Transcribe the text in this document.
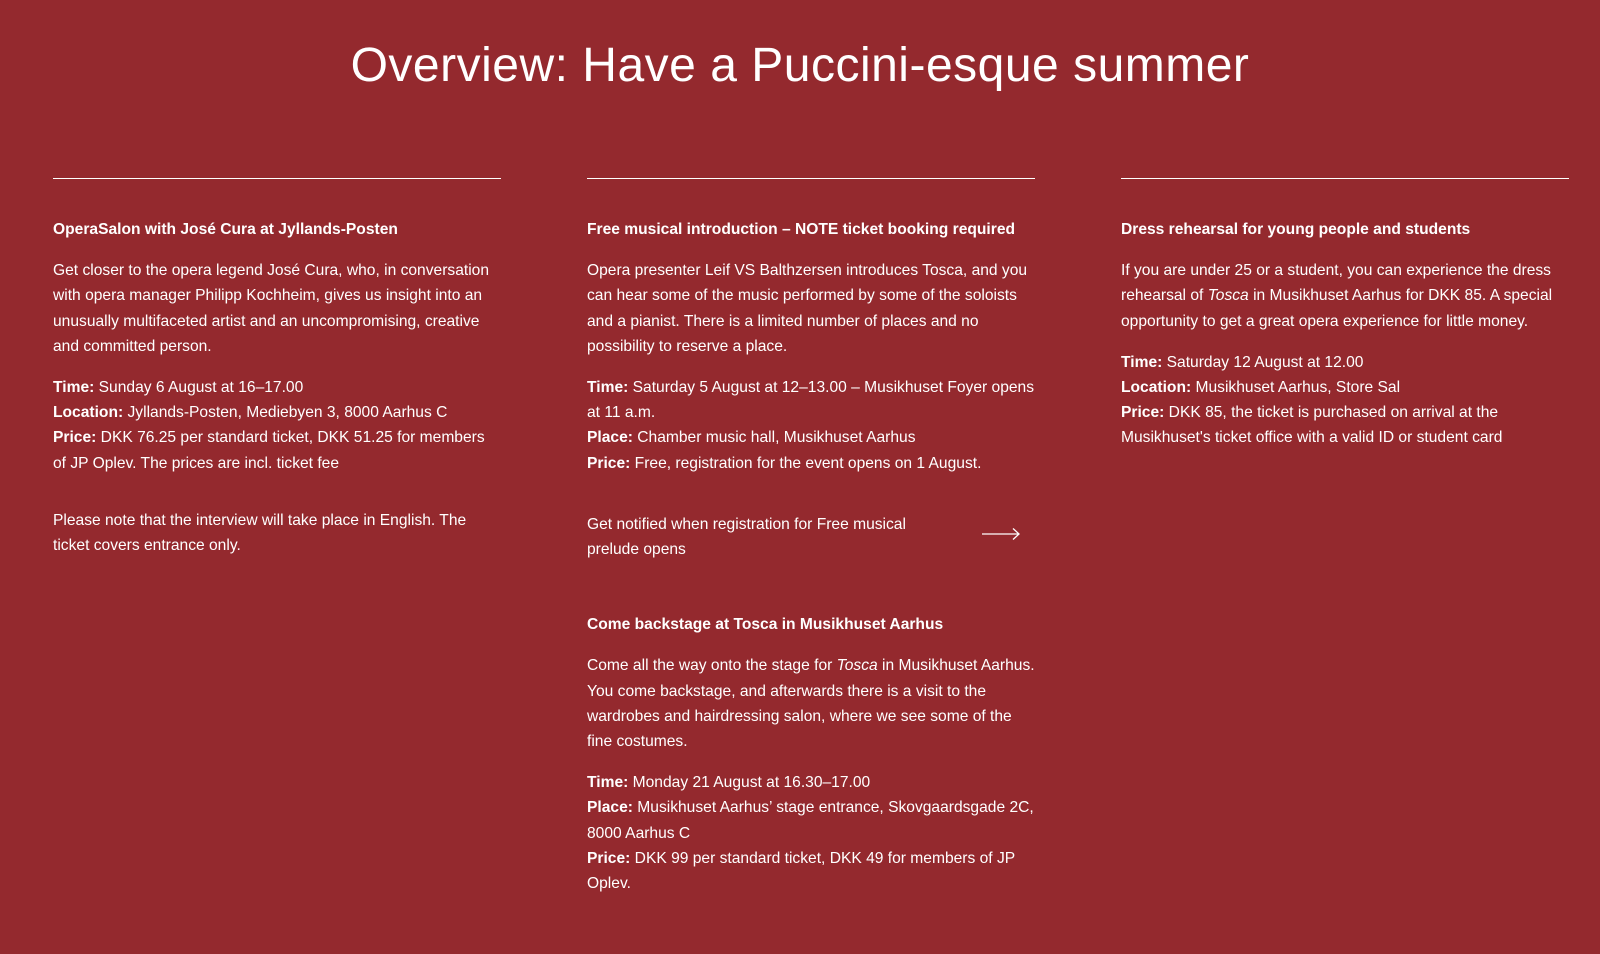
Overview: Have a Puccini-esque summer
OperaSalon with José Cura at Jyllands-Posten
Get closer to the opera legend José Cura, who, in conversation with opera manager Philipp Kochheim, gives us insight into an unusually multifaceted artist and an uncompromising, creative and committed person.
Time: Sunday 6 August at 16–17.00
Location: Jyllands-Posten, Mediebyen 3, 8000 Aarhus C
Price: DKK 76.25 per standard ticket, DKK 51.25 for members of JP Oplev. The prices are incl. ticket fee
Please note that the interview will take place in English. The ticket covers entrance only.
Free musical introduction – NOTE ticket booking required
Opera presenter Leif VS Balthzersen introduces Tosca, and you can hear some of the music performed by some of the soloists and a pianist. There is a limited number of places and no possibility to reserve a place.
Time: Saturday 5 August at 12–13.00 – Musikhuset Foyer opens at 11 a.m.
Place: Chamber music hall, Musikhuset Aarhus
Price: Free, registration for the event opens on 1 August.
Get notified when registration for Free musical prelude opens
Come backstage at Tosca in Musikhuset Aarhus
Come all the way onto the stage for Tosca in Musikhuset Aarhus. You come backstage, and afterwards there is a visit to the wardrobes and hairdressing salon, where we see some of the fine costumes.
Time: Monday 21 August at 16.30–17.00
Place: Musikhuset Aarhus’ stage entrance, Skovgaardsgade 2C, 8000 Aarhus C
Price: DKK 99 per standard ticket, DKK 49 for members of JP Oplev.
Dress rehearsal for young people and students
If you are under 25 or a student, you can experience the dress rehearsal of Tosca in Musikhuset Aarhus for DKK 85. A special opportunity to get a great opera experience for little money.
Time: Saturday 12 August at 12.00
Location: Musikhuset Aarhus, Store Sal
Price: DKK 85, the ticket is purchased on arrival at the Musikhuset's ticket office with a valid ID or student card
